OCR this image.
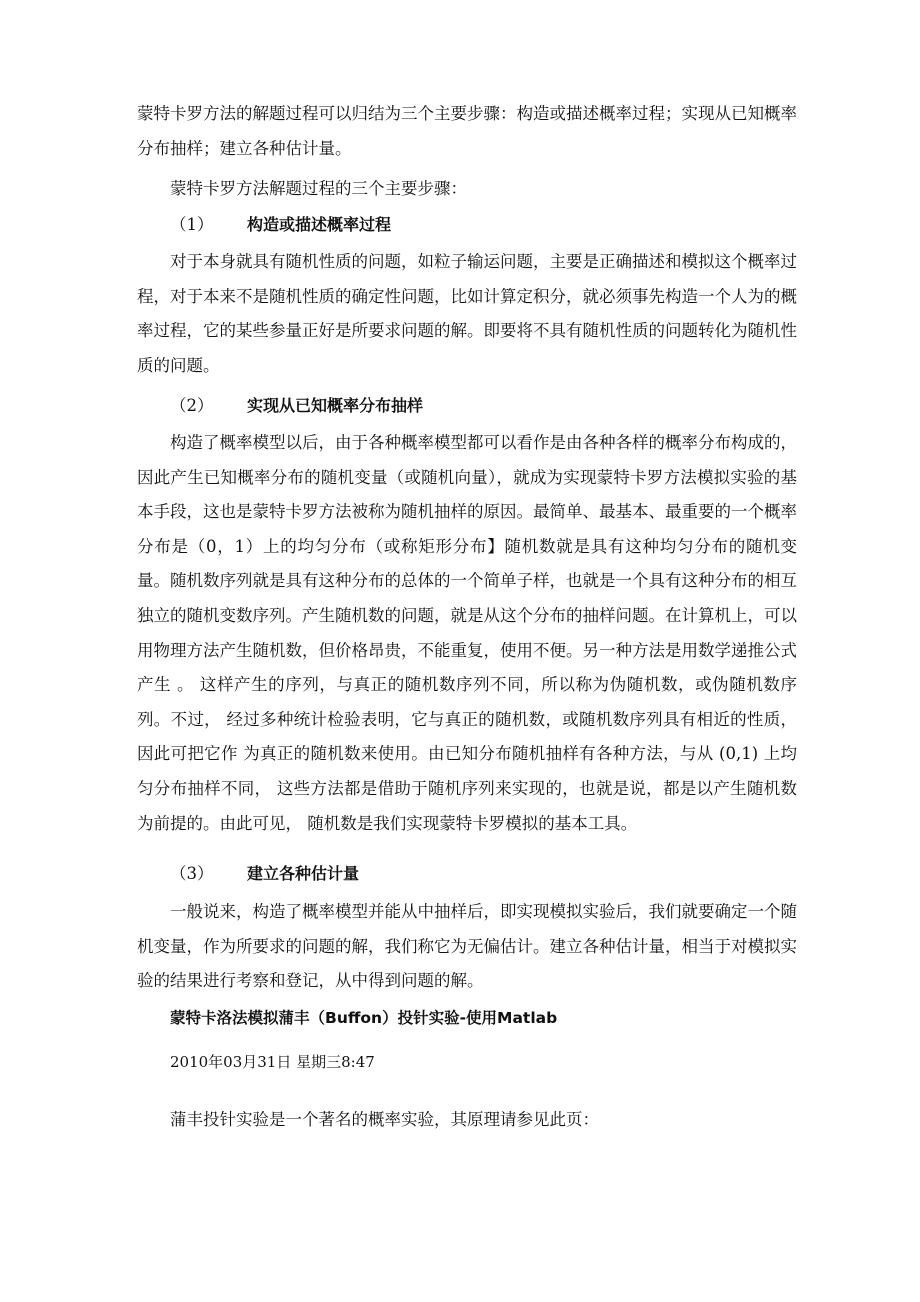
蒙特卡罗方法的解题过程可以归结为三个主要步骤：构造或描述概率过程；实现从已知概率分布抽样；建立各种估计量。

蒙特卡罗方法解题过程的三个主要步骤：

（1） 构造或描述概率过程

对于本身就具有随机性质的问题，如粒子输运问题，主要是正确描述和模拟这个概率过程，对于本来不是随机性质的确定性问题，比如计算定积分，就必须事先构造一个人为的概率过程，它的某些参量正好是所要求问题的解。即要将不具有随机性质的问题转化为随机性质的问题。

（2） 实现从已知概率分布抽样

构造了概率模型以后，由于各种概率模型都可以看作是由各种各样的概率分布构成的，因此产生已知概率分布的随机变量（或随机向量），就成为实现蒙特卡罗方法模拟实验的基本手段，这也是蒙特卡罗方法被称为随机抽样的原因。最简单、最基本、最重要的一个概率分布是（0，1）上的均匀分布（或称矩形分布】随机数就是具有这种均匀分布的随机变量。随机数序列就是具有这种分布的总体的一个简单子样，也就是一个具有这种分布的相互独立的随机变数序列。产生随机数的问题，就是从这个分布的抽样问题。在计算机上，可以用物理方法产生随机数，但价格昂贵，不能重复，使用不便。另一种方法是用数学递推公式产生 。 这样产生的序列，与真正的随机数序列不同，所以称为伪随机数，或伪随机数序列。不过， 经过多种统计检验表明，它与真正的随机数，或随机数序列具有相近的性质，因此可把它作 为真正的随机数来使用。由已知分布随机抽样有各种方法，与从 (0,1) 上均匀分布抽样不同， 这些方法都是借助于随机序列来实现的，也就是说，都是以产生随机数为前提的。由此可见， 随机数是我们实现蒙特卡罗模拟的基本工具。

（3） 建立各种估计量

一般说来，构造了概率模型并能从中抽样后，即实现模拟实验后，我们就要确定一个随机变量，作为所要求的问题的解，我们称它为无偏估计。建立各种估计量，相当于对模拟实验的结果进行考察和登记，从中得到问题的解。

蒙特卡洛法模拟蒲丰（Buffon）投针实验-使用Matlab

2010年03月31日 星期三8:47

蒲丰投针实验是一个著名的概率实验，其原理请参见此页：
